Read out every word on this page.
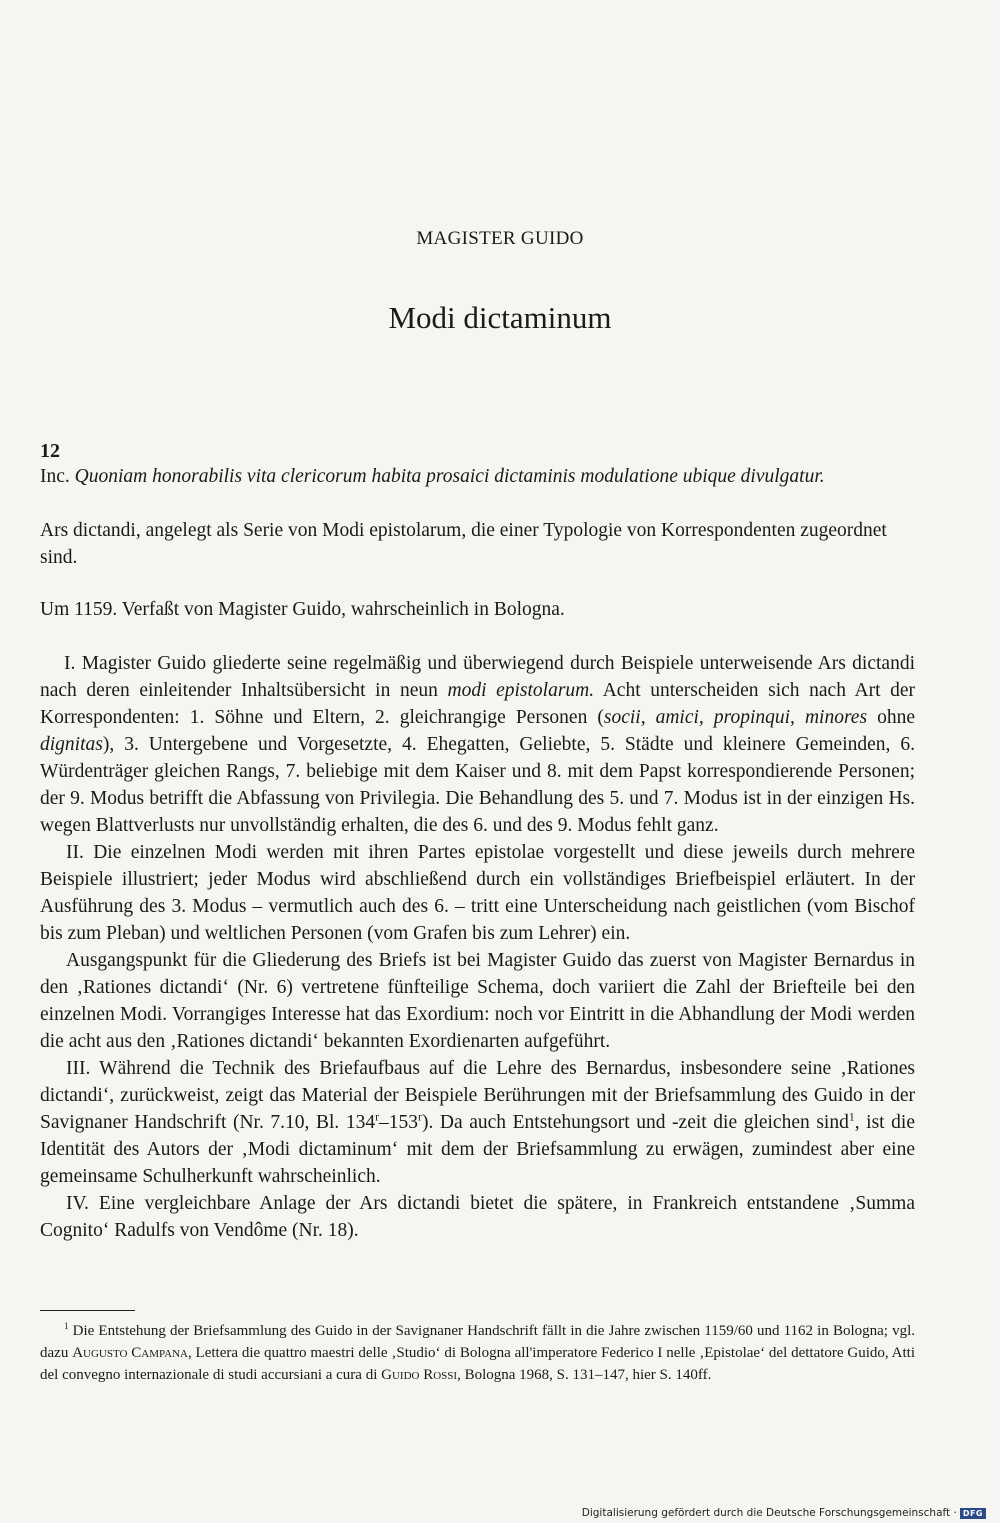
MAGISTER GUIDO
Modi dictaminum
12
Inc. Quoniam honorabilis vita clericorum habita prosaici dictaminis modulatione ubique divulgatur.
Ars dictandi, angelegt als Serie von Modi epistolarum, die einer Typologie von Korrespondenten zugeordnet sind.
Um 1159. Verfaßt von Magister Guido, wahrscheinlich in Bologna.

I. Magister Guido gliederte seine regelmäßig und überwiegend durch Beispiele unterweisende Ars dictandi nach deren einleitender Inhaltsübersicht in neun modi epistolarum. Acht unterscheiden sich nach Art der Korrespondenten: 1. Söhne und Eltern, 2. gleichrangige Personen (socii, amici, propinqui, minores ohne dignitas), 3. Untergebene und Vorgesetzte, 4. Ehegatten, Geliebte, 5. Städte und kleinere Gemeinden, 6. Würdenträger gleichen Rangs, 7. beliebige mit dem Kaiser und 8. mit dem Papst korrespondierende Personen; der 9. Modus betrifft die Abfassung von Privilegia. Die Behandlung des 5. und 7. Modus ist in der einzigen Hs. wegen Blattverlusts nur unvollständig erhalten, die des 6. und des 9. Modus fehlt ganz.

II. Die einzelnen Modi werden mit ihren Partes epistolae vorgestellt und diese jeweils durch mehrere Beispiele illustriert; jeder Modus wird abschließend durch ein vollständiges Briefbeispiel erläutert. In der Ausführung des 3. Modus – vermutlich auch des 6. – tritt eine Unterscheidung nach geistlichen (vom Bischof bis zum Pleban) und weltlichen Personen (vom Grafen bis zum Lehrer) ein.

Ausgangspunkt für die Gliederung des Briefs ist bei Magister Guido das zuerst von Magister Bernardus in den ‚Rationes dictandi‘ (Nr. 6) vertretene fünfteilige Schema, doch variiert die Zahl der Briefteile bei den einzelnen Modi. Vorrangiges Interesse hat das Exordium: noch vor Eintritt in die Abhandlung der Modi werden die acht aus den ‚Rationes dictandi‘ bekannten Exordienarten aufgeführt.

III. Während die Technik des Briefaufbaus auf die Lehre des Bernardus, insbesondere seine ‚Rationes dictandi‘, zurückweist, zeigt das Material der Beispiele Berührungen mit der Briefsammlung des Guido in der Savignaner Handschrift (Nr. 7.10, Bl. 134$^r$–153$^r$). Da auch Entstehungsort und -zeit die gleichen sind$^1$, ist die Identität des Autors der ‚Modi dictaminum‘ mit dem der Briefsammlung zu erwägen, zumindest aber eine gemeinsame Schulherkunft wahrscheinlich.

IV. Eine vergleichbare Anlage der Ars dictandi bietet die spätere, in Frankreich entstandene ‚Summa Cognito‘ Radulfs von Vendôme (Nr. 18).

$^1$ Die Entstehung der Briefsammlung des Guido in der Savignaner Handschrift fällt in die Jahre zwischen 1159/60 und 1162 in Bologna; vgl. dazu Augusto Campana, Lettera die quattro maestri delle ‚Studio‘ di Bologna all'imperatore Federico I nelle ‚Epistolae‘ del dettatore Guido, Atti del convegno internazionale di studi accursiani a cura di Guido Rossi, Bologna 1968, S. 131–147, hier S. 140ff.
Digitalisierung gefördert durch die Deutsche Forschungsgemeinschaft · DFG
